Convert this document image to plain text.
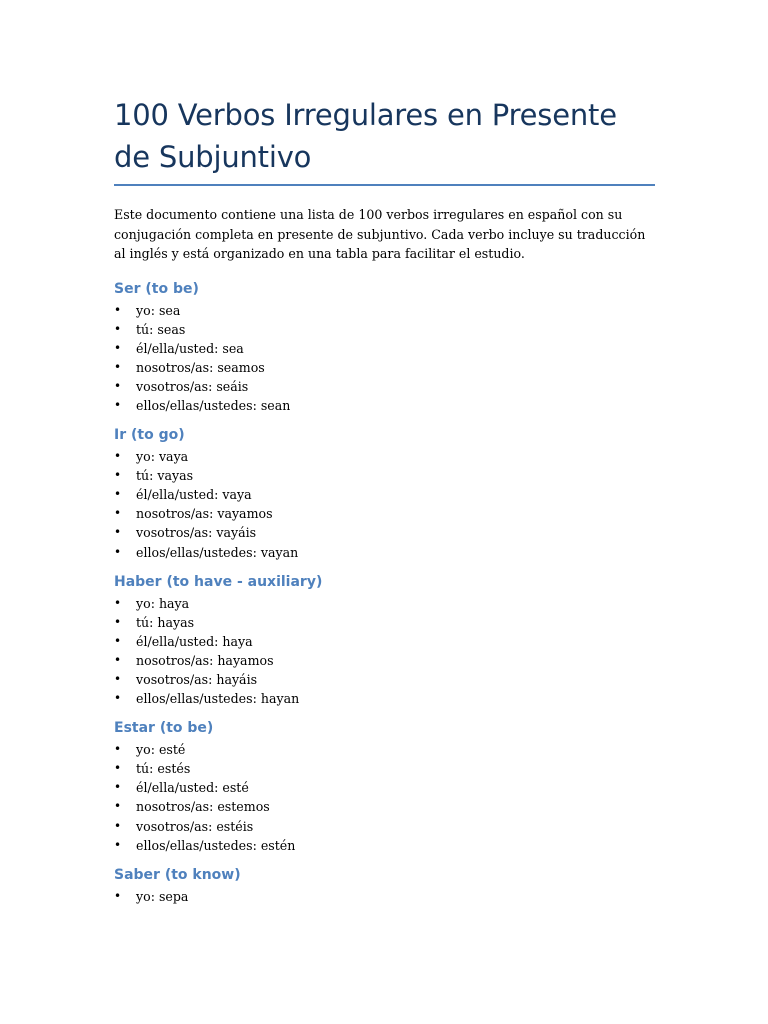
100 Verbos Irregulares en Presente de Subjuntivo

Este documento contiene una lista de 100 verbos irregulares en español con su conjugación completa en presente de subjuntivo. Cada verbo incluye su traducción al inglés y está organizado en una tabla para facilitar el estudio.

Ser (to be)
• yo: sea
• tú: seas
• él/ella/usted: sea
• nosotros/as: seamos
• vosotros/as: seáis
• ellos/ellas/ustedes: sean
Ir (to go)
• yo: vaya
• tú: vayas
• él/ella/usted: vaya
• nosotros/as: vayamos
• vosotros/as: vayáis
• ellos/ellas/ustedes: vayan
Haber (to have - auxiliary)
• yo: haya
• tú: hayas
• él/ella/usted: haya
• nosotros/as: hayamos
• vosotros/as: hayáis
• ellos/ellas/ustedes: hayan
Estar (to be)
• yo: esté
• tú: estés
• él/ella/usted: esté
• nosotros/as: estemos
• vosotros/as: estéis
• ellos/ellas/ustedes: estén
Saber (to know)
• yo: sepa
